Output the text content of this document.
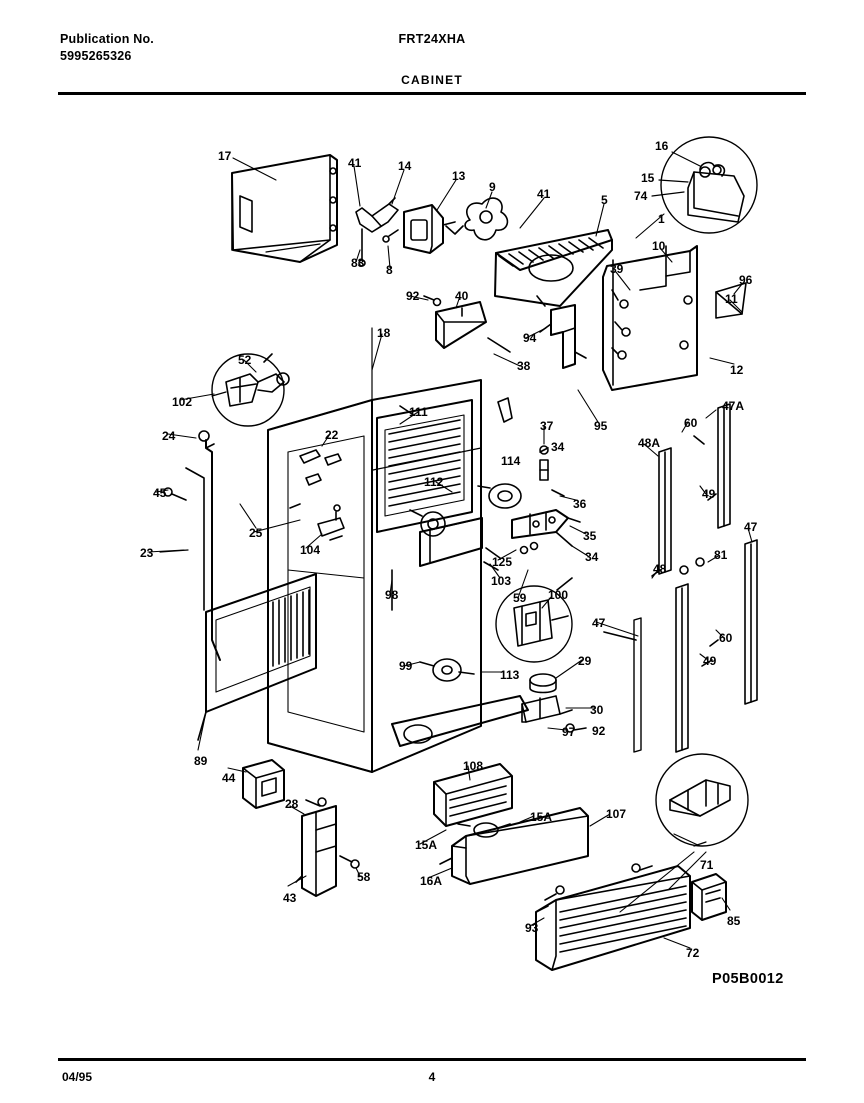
Publication No.
5995265326
FRT24XHA
CABINET
17	41	14
13
9	41	5
16
15
74
1
10
83 8	39
96
11
92	40
94
12
18
38
95
52
102
111
37
47A
60
48A
34
114
24	22
45
112
36
49
47
25
104
35
34	81
23
125
103
48
98	59 100
47
60
49
99
113
29
30
97 92
89
44
108
15A	107
71
28
58
43
15A
16A
85
93
72
P05B0012
04/95	4
